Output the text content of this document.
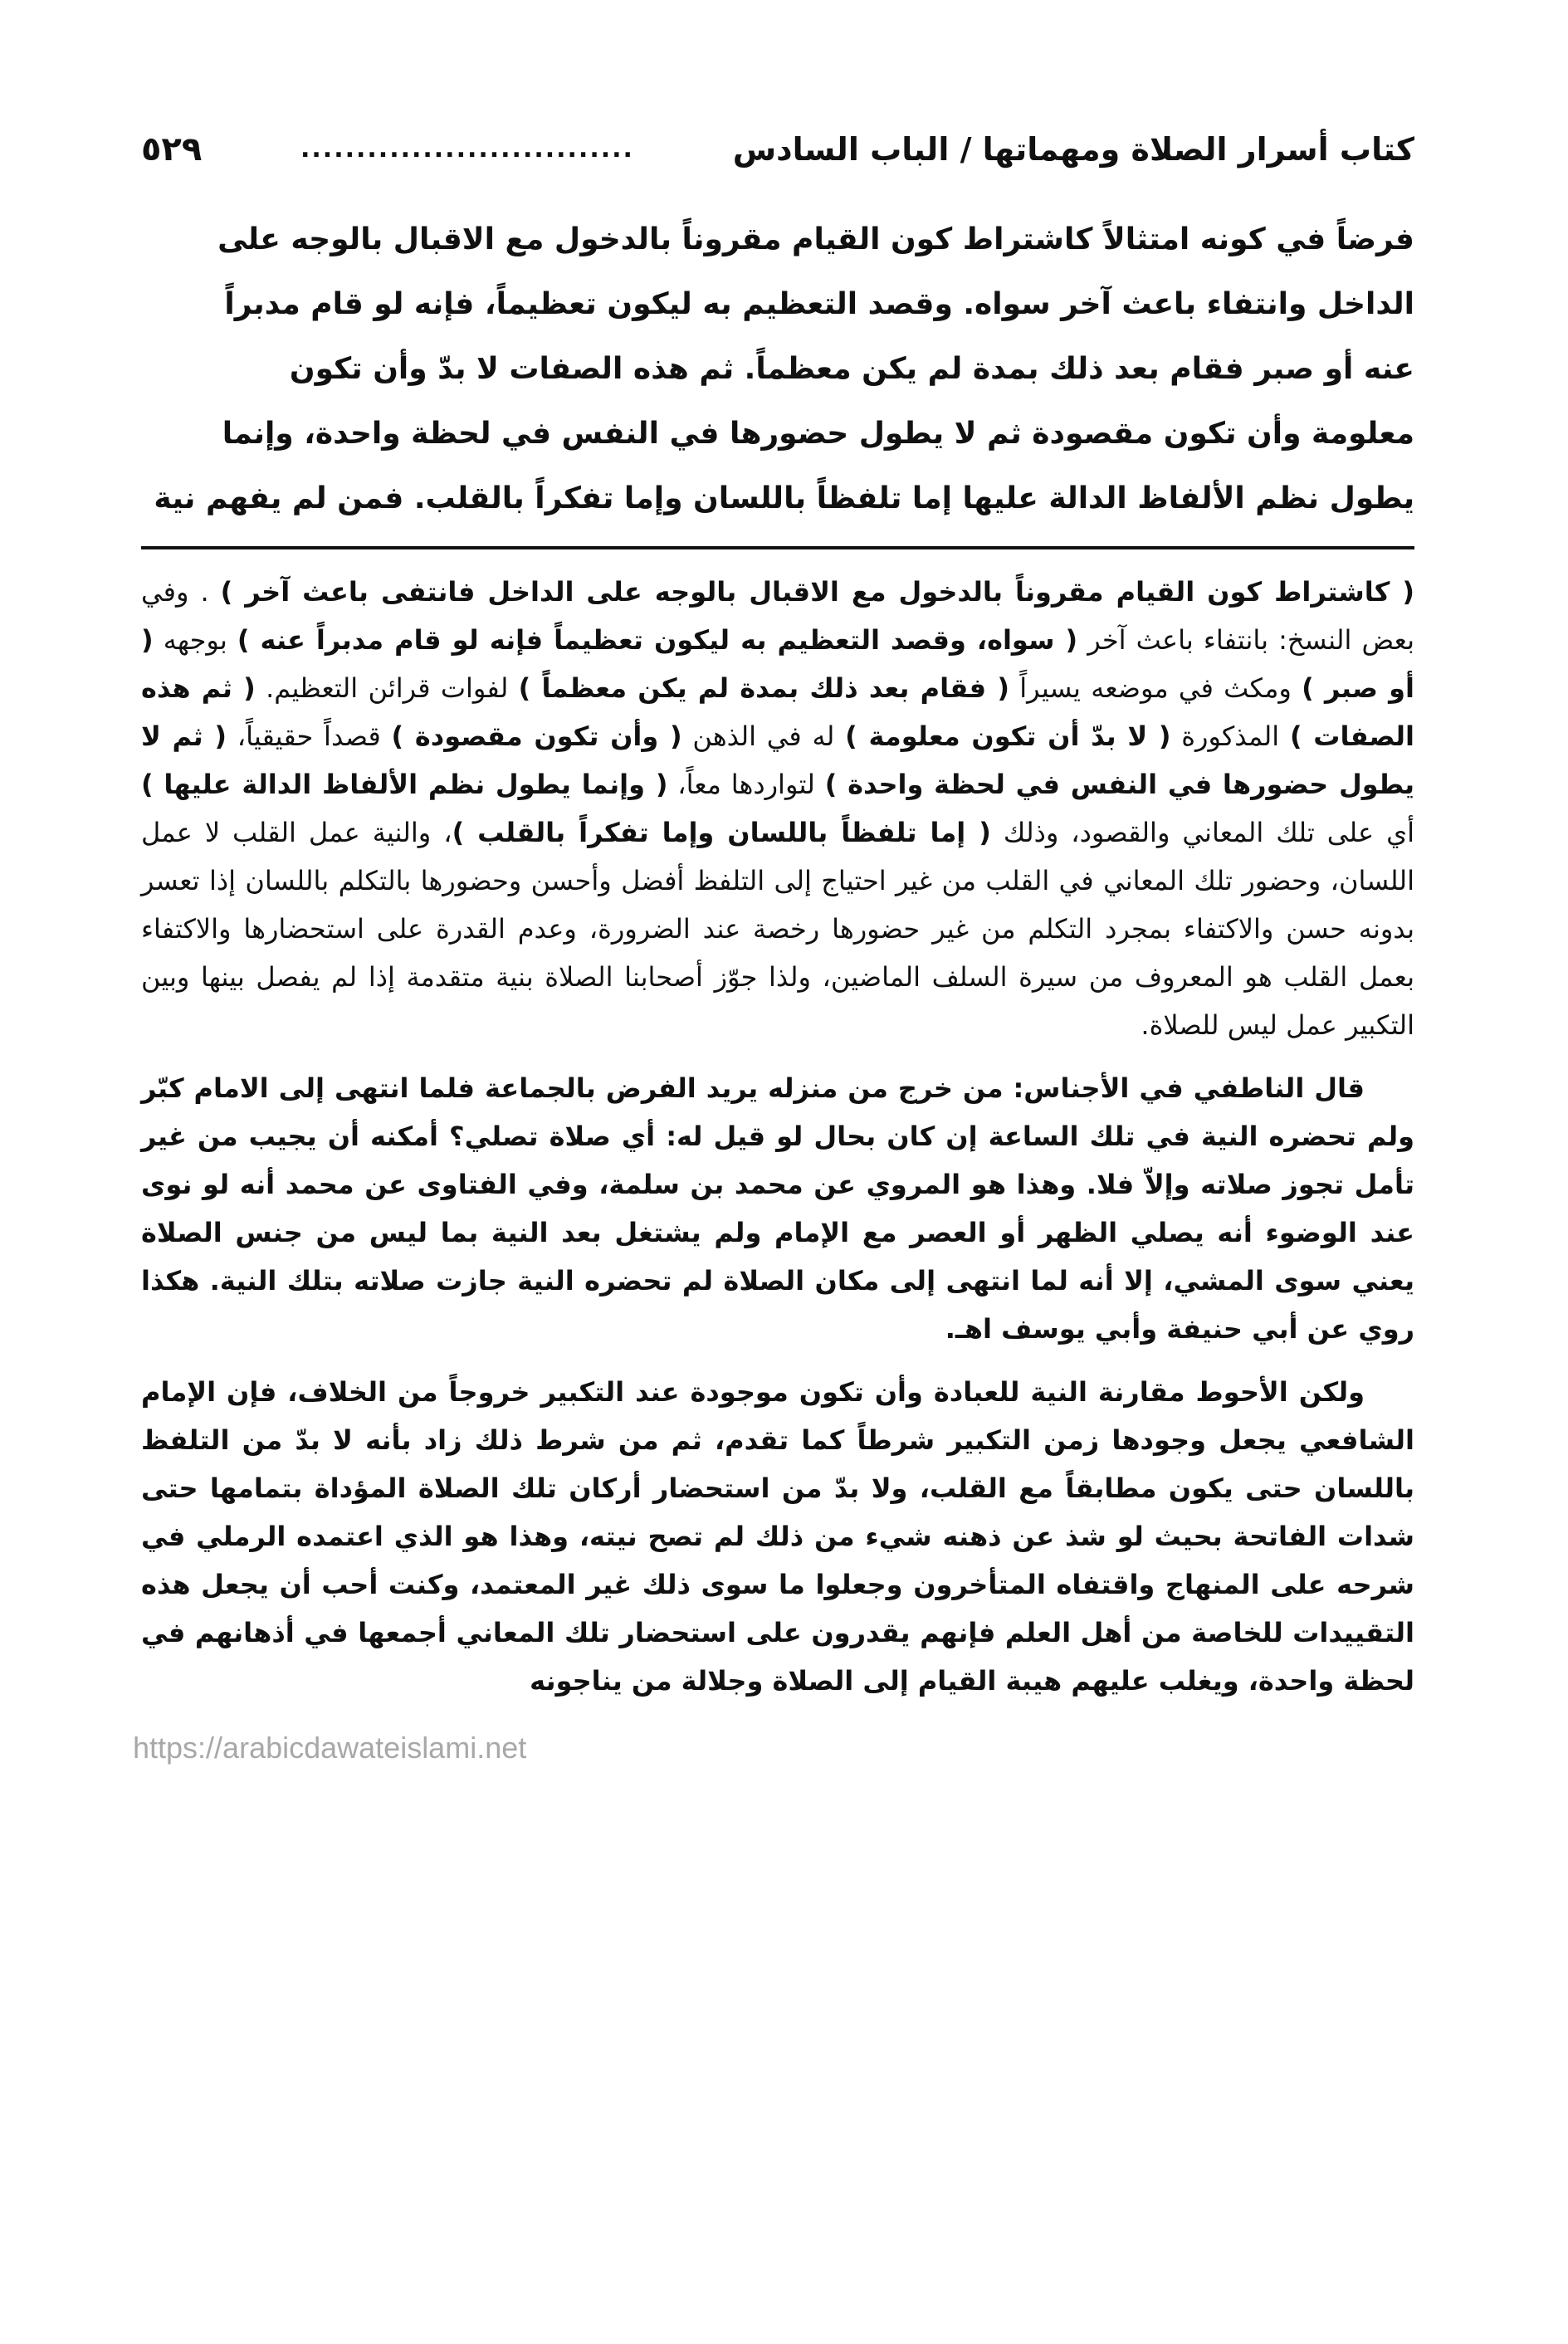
كتاب أسرار الصلاة ومهماتها / الباب السادس
..............................
٥٢٩

فرضاً في كونه امتثالاً كاشتراط كون القيام مقروناً بالدخول مع الاقبال بالوجه على

الداخل وانتفاء باعث آخر سواه. وقصد التعظيم به ليكون تعظيماً، فإنه لو قام مدبراً

عنه أو صبر فقام بعد ذلك بمدة لم يكن معظماً. ثم هذه الصفات لا بدّ وأن تكون

معلومة وأن تكون مقصودة ثم لا يطول حضورها في النفس في لحظة واحدة، وإنما

يطول نظم الألفاظ الدالة عليها إما تلفظاً باللسان وإما تفكراً بالقلب. فمن لم يفهم نية

( كاشتراط كون القيام مقروناً بالدخول مع الاقبال بالوجه على الداخل فانتفى باعث آخر ) . وفي بعض النسخ: بانتفاء باعث آخر ( سواه، وقصد التعظيم به ليكون تعظيماً فإنه لو قام مدبراً عنه ) بوجهه ( أو صبر ) ومكث في موضعه يسيراً ( فقام بعد ذلك بمدة لم يكن معظماً ) لفوات قرائن التعظيم. ( ثم هذه الصفات ) المذكورة ( لا بدّ أن تكون معلومة ) له في الذهن ( وأن تكون مقصودة ) قصداً حقيقياً، ( ثم لا يطول حضورها في النفس في لحظة واحدة ) لتواردها معاً، ( وإنما يطول نظم الألفاظ الدالة عليها ) أي على تلك المعاني والقصود، وذلك ( إما تلفظاً باللسان وإما تفكراً بالقلب )، والنية عمل القلب لا عمل اللسان، وحضور تلك المعاني في القلب من غير احتياج إلى التلفظ أفضل وأحسن وحضورها بالتكلم باللسان إذا تعسر بدونه حسن والاكتفاء بمجرد التكلم من غير حضورها رخصة عند الضرورة، وعدم القدرة على استحضارها والاكتفاء بعمل القلب هو المعروف من سيرة السلف الماضين، ولذا جوّز أصحابنا الصلاة بنية متقدمة إذا لم يفصل بينها وبين التكبير عمل ليس للصلاة.

قال الناطفي في الأجناس: من خرج من منزله يريد الفرض بالجماعة فلما انتهى إلى الامام كبّر ولم تحضره النية في تلك الساعة إن كان بحال لو قيل له: أي صلاة تصلي؟ أمكنه أن يجيب من غير تأمل تجوز صلاته وإلاّ فلا. وهذا هو المروي عن محمد بن سلمة، وفي الفتاوى عن محمد أنه لو نوى عند الوضوء أنه يصلي الظهر أو العصر مع الإمام ولم يشتغل بعد النية بما ليس من جنس الصلاة يعني سوى المشي، إلا أنه لما انتهى إلى مكان الصلاة لم تحضره النية جازت صلاته بتلك النية. هكذا روي عن أبي حنيفة وأبي يوسف اهـ.

ولكن الأحوط مقارنة النية للعبادة وأن تكون موجودة عند التكبير خروجاً من الخلاف، فإن الإمام الشافعي يجعل وجودها زمن التكبير شرطاً كما تقدم، ثم من شرط ذلك زاد بأنه لا بدّ من التلفظ باللسان حتى يكون مطابقاً مع القلب، ولا بدّ من استحضار أركان تلك الصلاة المؤداة بتمامها حتى شدات الفاتحة بحيث لو شذ عن ذهنه شيء من ذلك لم تصح نيته، وهذا هو الذي اعتمده الرملي في شرحه على المنهاج واقتفاه المتأخرون وجعلوا ما سوى ذلك غير المعتمد، وكنت أحب أن يجعل هذه التقييدات للخاصة من أهل العلم فإنهم يقدرون على استحضار تلك المعاني أجمعها في أذهانهم في لحظة واحدة، ويغلب عليهم هيبة القيام إلى الصلاة وجلالة من يناجونه

https://arabicdawateislami.net
